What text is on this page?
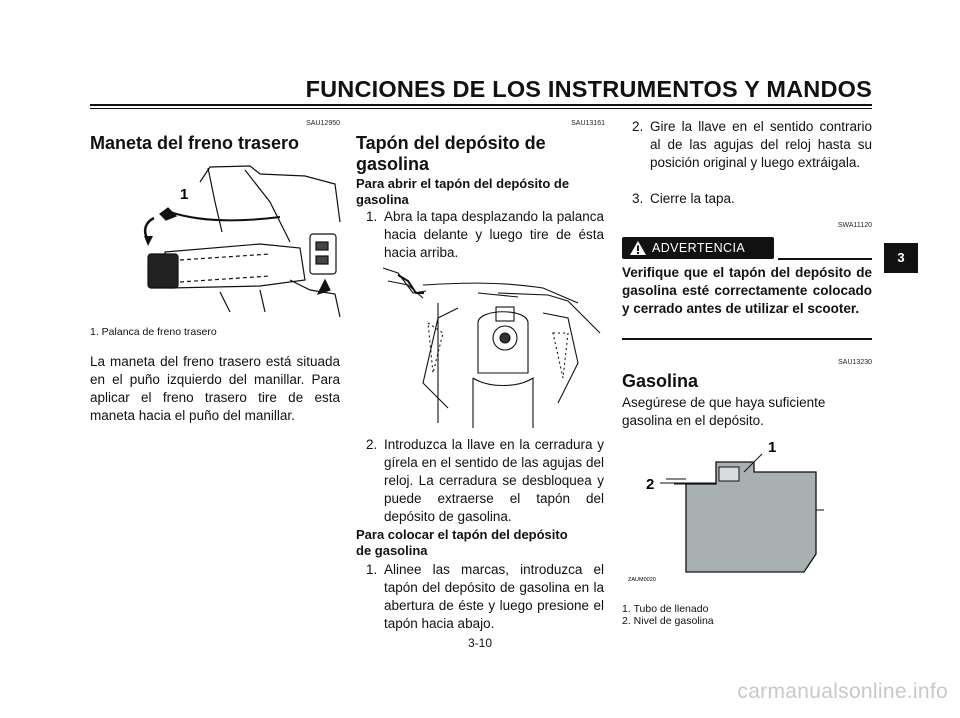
FUNCIONES DE LOS INSTRUMENTOS Y MANDOS
3
SAU12950
Maneta del freno trasero
1
1. Palanca de freno trasero
La maneta del freno trasero está situada en el puño izquierdo del manillar. Para aplicar el freno trasero tire de esta maneta hacia el puño del manillar.
SAU13161
Tapón del depósito de
gasolina
Para abrir el tapón del depósito de gasolina
1. Abra la tapa desplazando la palanca hacia delante y luego tire de ésta hacia arriba.
2. Introduzca la llave en la cerradura y gírela en el sentido de las agujas del reloj. La cerradura se desbloquea y puede extraerse el tapón del depósito de gasolina.
Para colocar el tapón del depósito de gasolina
1. Alinee las marcas, introduzca el tapón del depósito de gasolina en la abertura de éste y luego presione el tapón hacia abajo.
3-10
2. Gire la llave en el sentido contrario al de las agujas del reloj hasta su posición original y luego extráigala.
3. Cierre la tapa.
SWA11120
ADVERTENCIA
Verifique que el tapón del depósito de gasolina esté correctamente colocado y cerrado antes de utilizar el scooter.
SAU13230
Gasolina
Asegúrese de que haya suficiente gasolina en el depósito.
1
2
ZAUM0020
1. Tubo de llenado
2. Nivel de gasolina
carmanualsonline.info
